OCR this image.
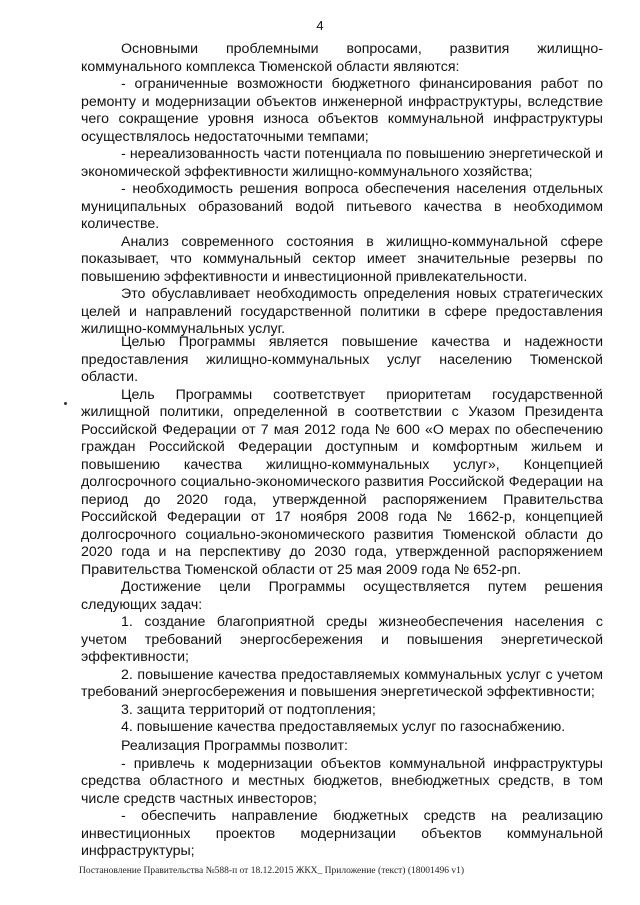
4

Основными проблемными вопросами, развития жилищно-коммунального комплекса Тюменской области являются:

- ограниченные возможности бюджетного финансирования работ по ремонту и модернизации объектов инженерной инфраструктуры, вследствие чего сокращение уровня износа объектов коммунальной инфраструктуры осуществлялось недостаточными темпами;

- нереализованность части потенциала по повышению энергетической и экономической эффективности жилищно-коммунального хозяйства;

- необходимость решения вопроса обеспечения населения отдельных муниципальных образований водой питьевого качества в необходимом количестве.

Анализ современного состояния в жилищно-коммунальной сфере показывает, что коммунальный сектор имеет значительные резервы по повышению эффективности и инвестиционной привлекательности.

Это обуславливает необходимость определения новых стратегических целей и направлений государственной политики в сфере предоставления жилищно-коммунальных услуг.

Целью Программы является повышение качества и надежности предоставления жилищно-коммунальных услуг населению Тюменской области.

Цель Программы соответствует приоритетам государственной жилищной политики, определенной в соответствии с Указом Президента Российской Федерации от 7 мая 2012 года № 600 «О мерах по обеспечению граждан Российской Федерации доступным и комфортным жильем и повышению качества жилищно-коммунальных услуг», Концепцией долгосрочного социально-экономического развития Российской Федерации на период до 2020 года, утвержденной распоряжением Правительства Российской Федерации от 17 ноября 2008 года № 1662-р, концепцией долгосрочного социально-экономического развития Тюменской области до 2020 года и на перспективу до 2030 года, утвержденной распоряжением Правительства Тюменской области от 25 мая 2009 года № 652-рп.

Достижение цели Программы осуществляется путем решения следующих задач:

1. создание благоприятной среды жизнеобеспечения населения с учетом требований энергосбережения и повышения энергетической эффективности;

2. повышение качества предоставляемых коммунальных услуг с учетом требований энергосбережения и повышения энергетической эффективности;

3. защита территорий от подтопления;

4. повышение качества предоставляемых услуг по газоснабжению.

Реализация Программы позволит:

- привлечь к модернизации объектов коммунальной инфраструктуры средства областного и местных бюджетов, внебюджетных средств, в том числе средств частных инвесторов;

- обеспечить направление бюджетных средств на реализацию инвестиционных проектов модернизации объектов коммунальной инфраструктуры;

Постановление Правительства №588-п от 18.12.2015 ЖКХ_ Приложение (текст) (18001496 v1)
